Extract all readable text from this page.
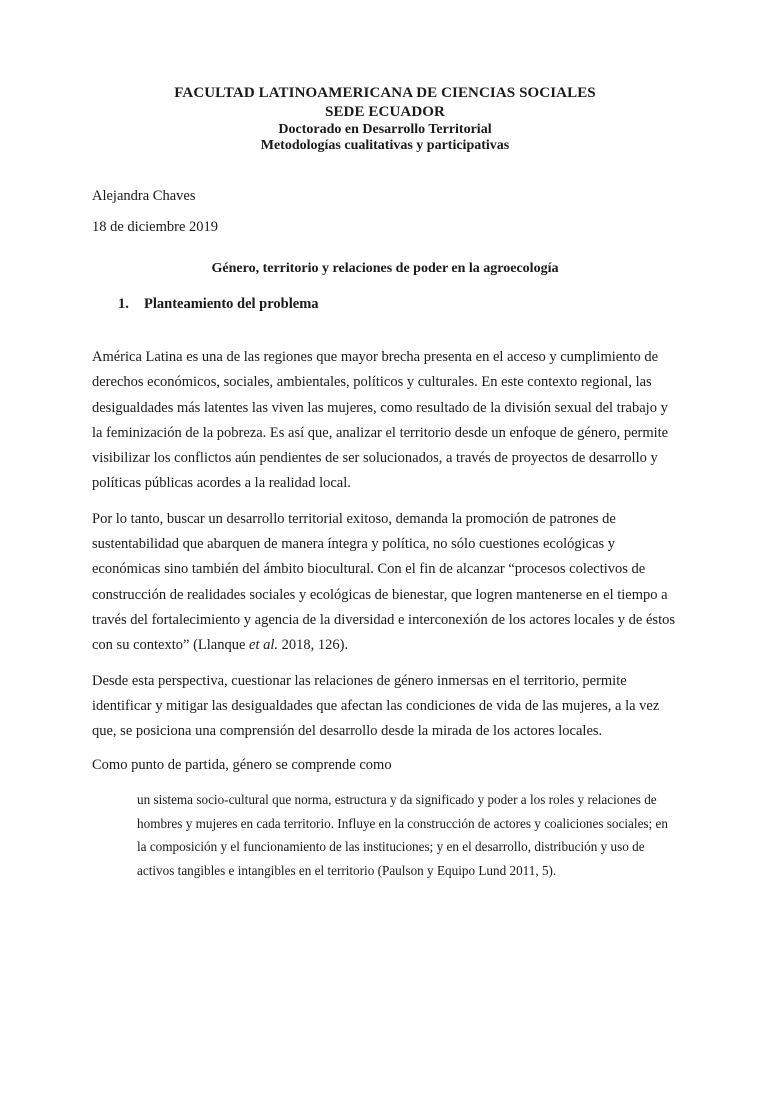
FACULTAD LATINOAMERICANA DE CIENCIAS SOCIALES
SEDE ECUADOR
Doctorado en Desarrollo Territorial
Metodologías cualitativas y participativas
Alejandra Chaves
18 de diciembre 2019
Género, territorio y relaciones de poder en la agroecología
1. Planteamiento del problema

América Latina es una de las regiones que mayor brecha presenta en el acceso y cumplimiento de derechos económicos, sociales, ambientales, políticos y culturales. En este contexto regional, las desigualdades más latentes las viven las mujeres, como resultado de la división sexual del trabajo y la feminización de la pobreza. Es así que, analizar el territorio desde un enfoque de género, permite visibilizar los conflictos aún pendientes de ser solucionados, a través de proyectos de desarrollo y políticas públicas acordes a la realidad local.

Por lo tanto, buscar un desarrollo territorial exitoso, demanda la promoción de patrones de sustentabilidad que abarquen de manera íntegra y política, no sólo cuestiones ecológicas y económicas sino también del ámbito biocultural. Con el fin de alcanzar “procesos colectivos de construcción de realidades sociales y ecológicas de bienestar, que logren mantenerse en el tiempo a través del fortalecimiento y agencia de la diversidad e interconexión de los actores locales y de éstos con su contexto” (Llanque et al. 2018, 126).

Desde esta perspectiva, cuestionar las relaciones de género inmersas en el territorio, permite identificar y mitigar las desigualdades que afectan las condiciones de vida de las mujeres, a la vez que, se posiciona una comprensión del desarrollo desde la mirada de los actores locales.

Como punto de partida, género se comprende como

un sistema socio-cultural que norma, estructura y da significado y poder a los roles y relaciones de hombres y mujeres en cada territorio. Influye en la construcción de actores y coaliciones sociales; en la composición y el funcionamiento de las instituciones; y en el desarrollo, distribución y uso de activos tangibles e intangibles en el territorio (Paulson y Equipo Lund 2011, 5).
